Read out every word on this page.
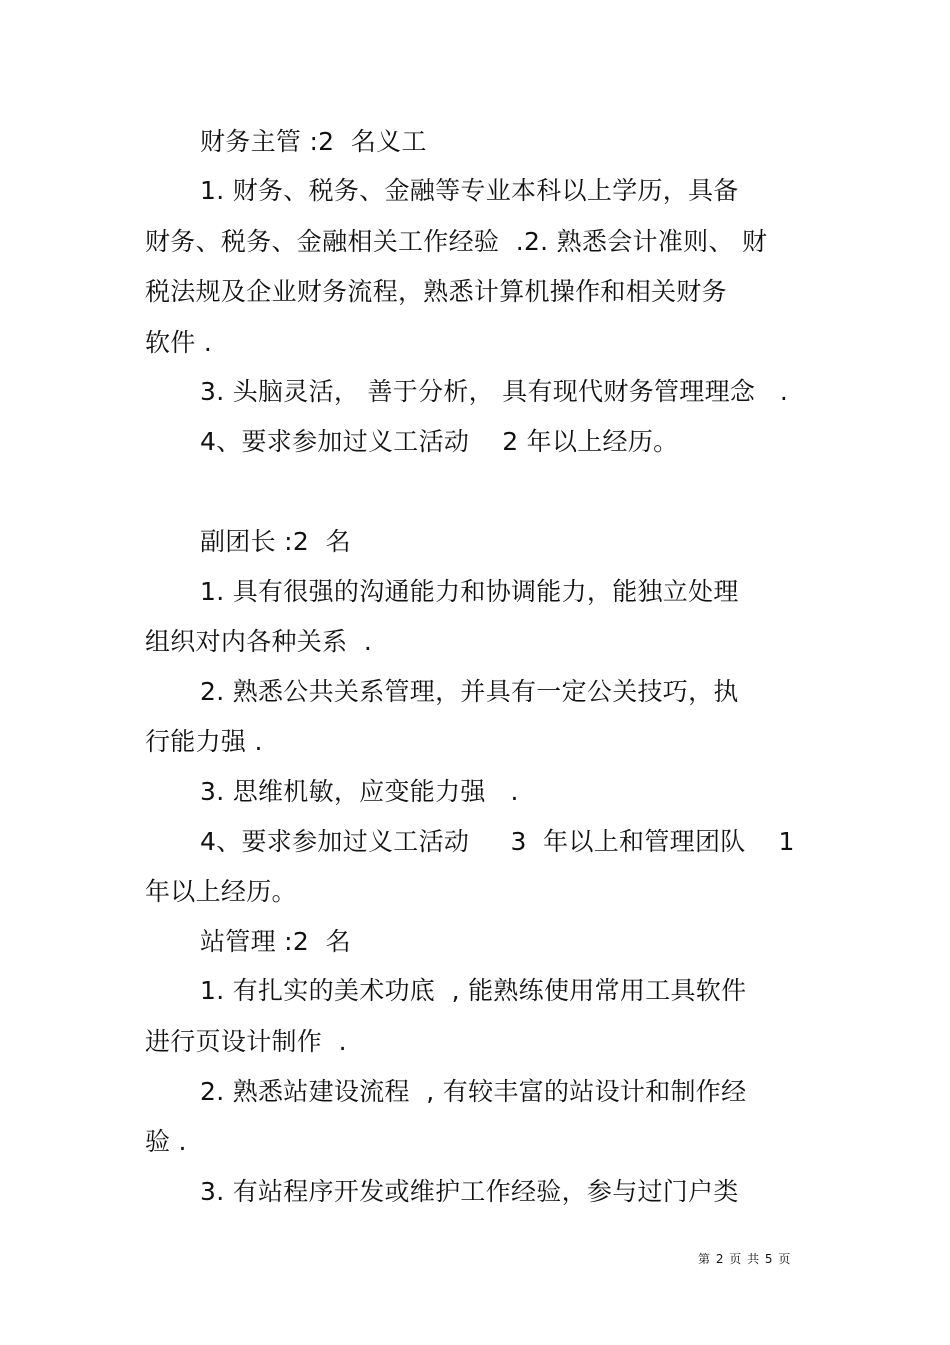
财务主管 :2  名义工
1. 财务、税务、金融等专业本科以上学历，具备
财务、税务、金融相关工作经验  .2. 熟悉会计准则、 财
税法规及企业财务流程，熟悉计算机操作和相关财务
软件 .
3. 头脑灵活， 善于分析， 具有现代财务管理理念   .
4、要求参加过义工活动    2 年以上经历。
副团长 :2  名
1. 具有很强的沟通能力和协调能力，能独立处理
组织对内各种关系  .
2. 熟悉公共关系管理，并具有一定公关技巧，执
行能力强 .
3. 思维机敏，应变能力强   .
4、要求参加过义工活动     3  年以上和管理团队    1
年以上经历。
站管理 :2  名
1. 有扎实的美术功底  , 能熟练使用常用工具软件
进行页设计制作  .
2. 熟悉站建设流程  , 有较丰富的站设计和制作经
验 .
3. 有站程序开发或维护工作经验，参与过门户类
第 2 页 共 5 页
